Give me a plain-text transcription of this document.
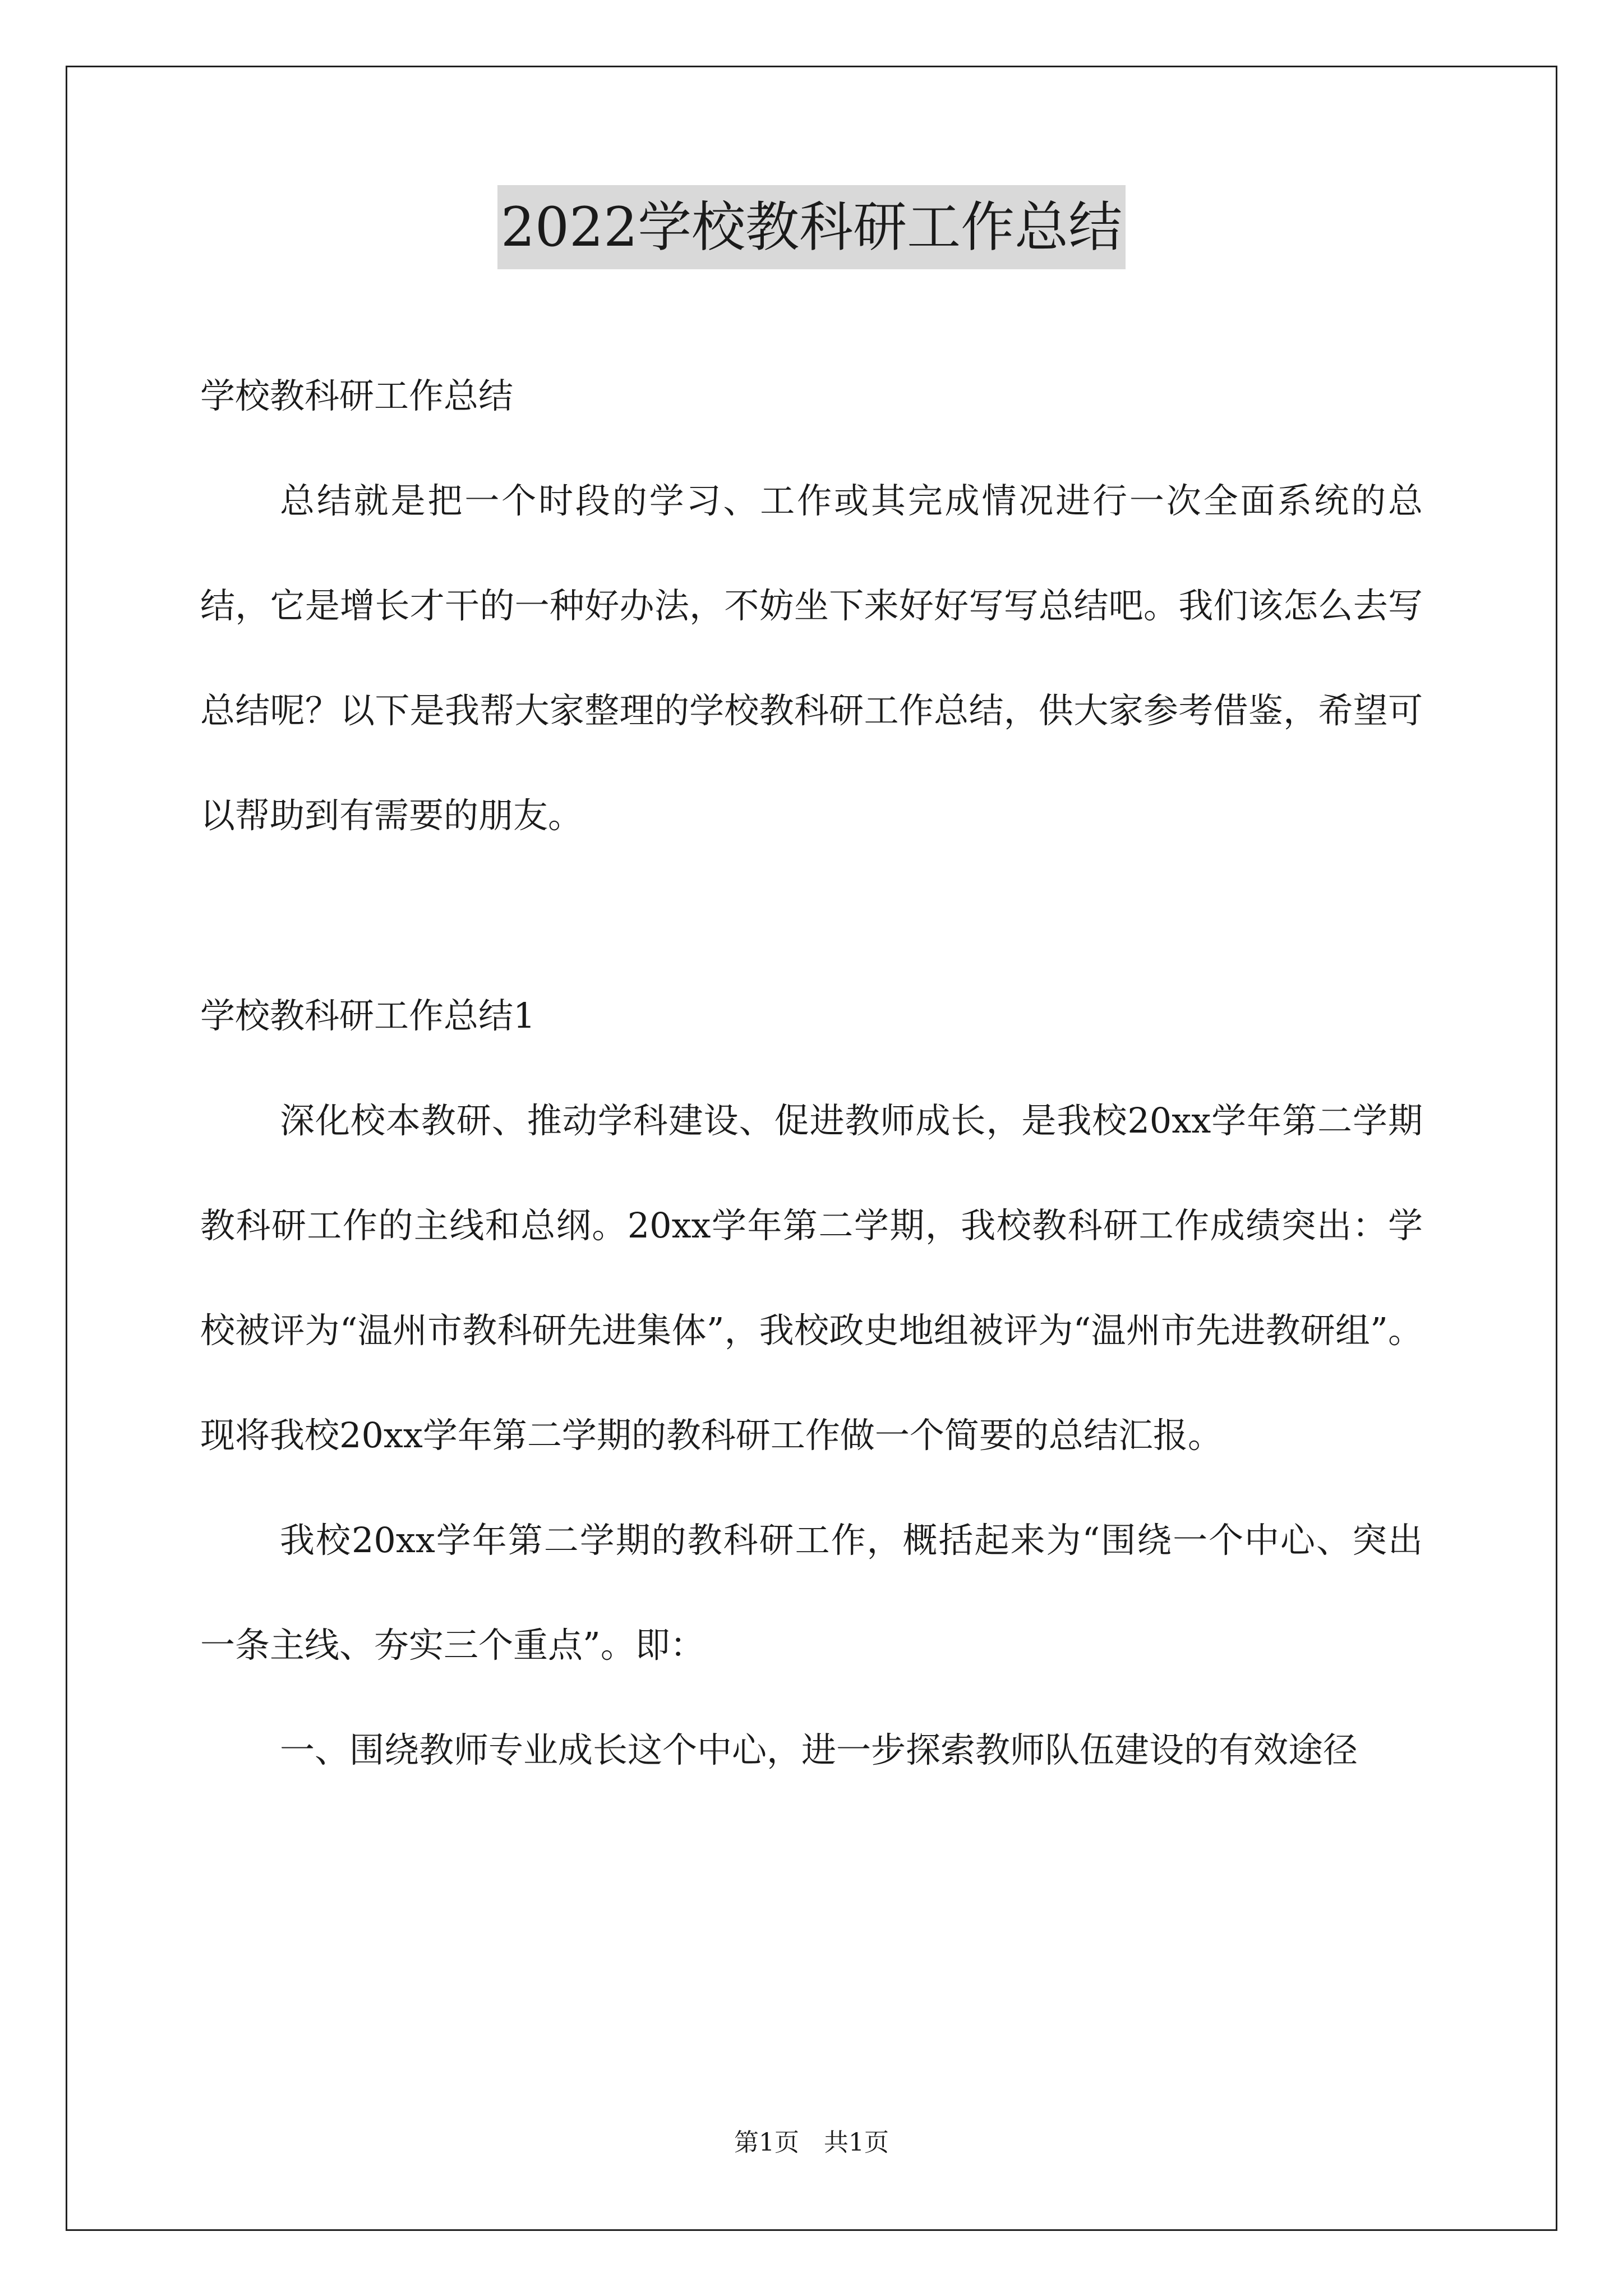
2022学校教科研工作总结

学校教科研工作总结

总结就是把一个时段的学习、工作或其完成情况进行一次全面系统的总结，它是增长才干的一种好办法，不妨坐下来好好写写总结吧。我们该怎么去写总结呢？以下是我帮大家整理的学校教科研工作总结，供大家参考借鉴，希望可以帮助到有需要的朋友。

学校教科研工作总结1

深化校本教研、推动学科建设、促进教师成长，是我校20xx学年第二学期教科研工作的主线和总纲。20xx学年第二学期，我校教科研工作成绩突出：学校被评为“温州市教科研先进集体”，我校政史地组被评为“温州市先进教研组”。现将我校20xx学年第二学期的教科研工作做一个简要的总结汇报。

我校20xx学年第二学期的教科研工作，概括起来为“围绕一个中心、突出一条主线、夯实三个重点”。即：

一、围绕教师专业成长这个中心，进一步探索教师队伍建设的有效途径

第1页　共1页
